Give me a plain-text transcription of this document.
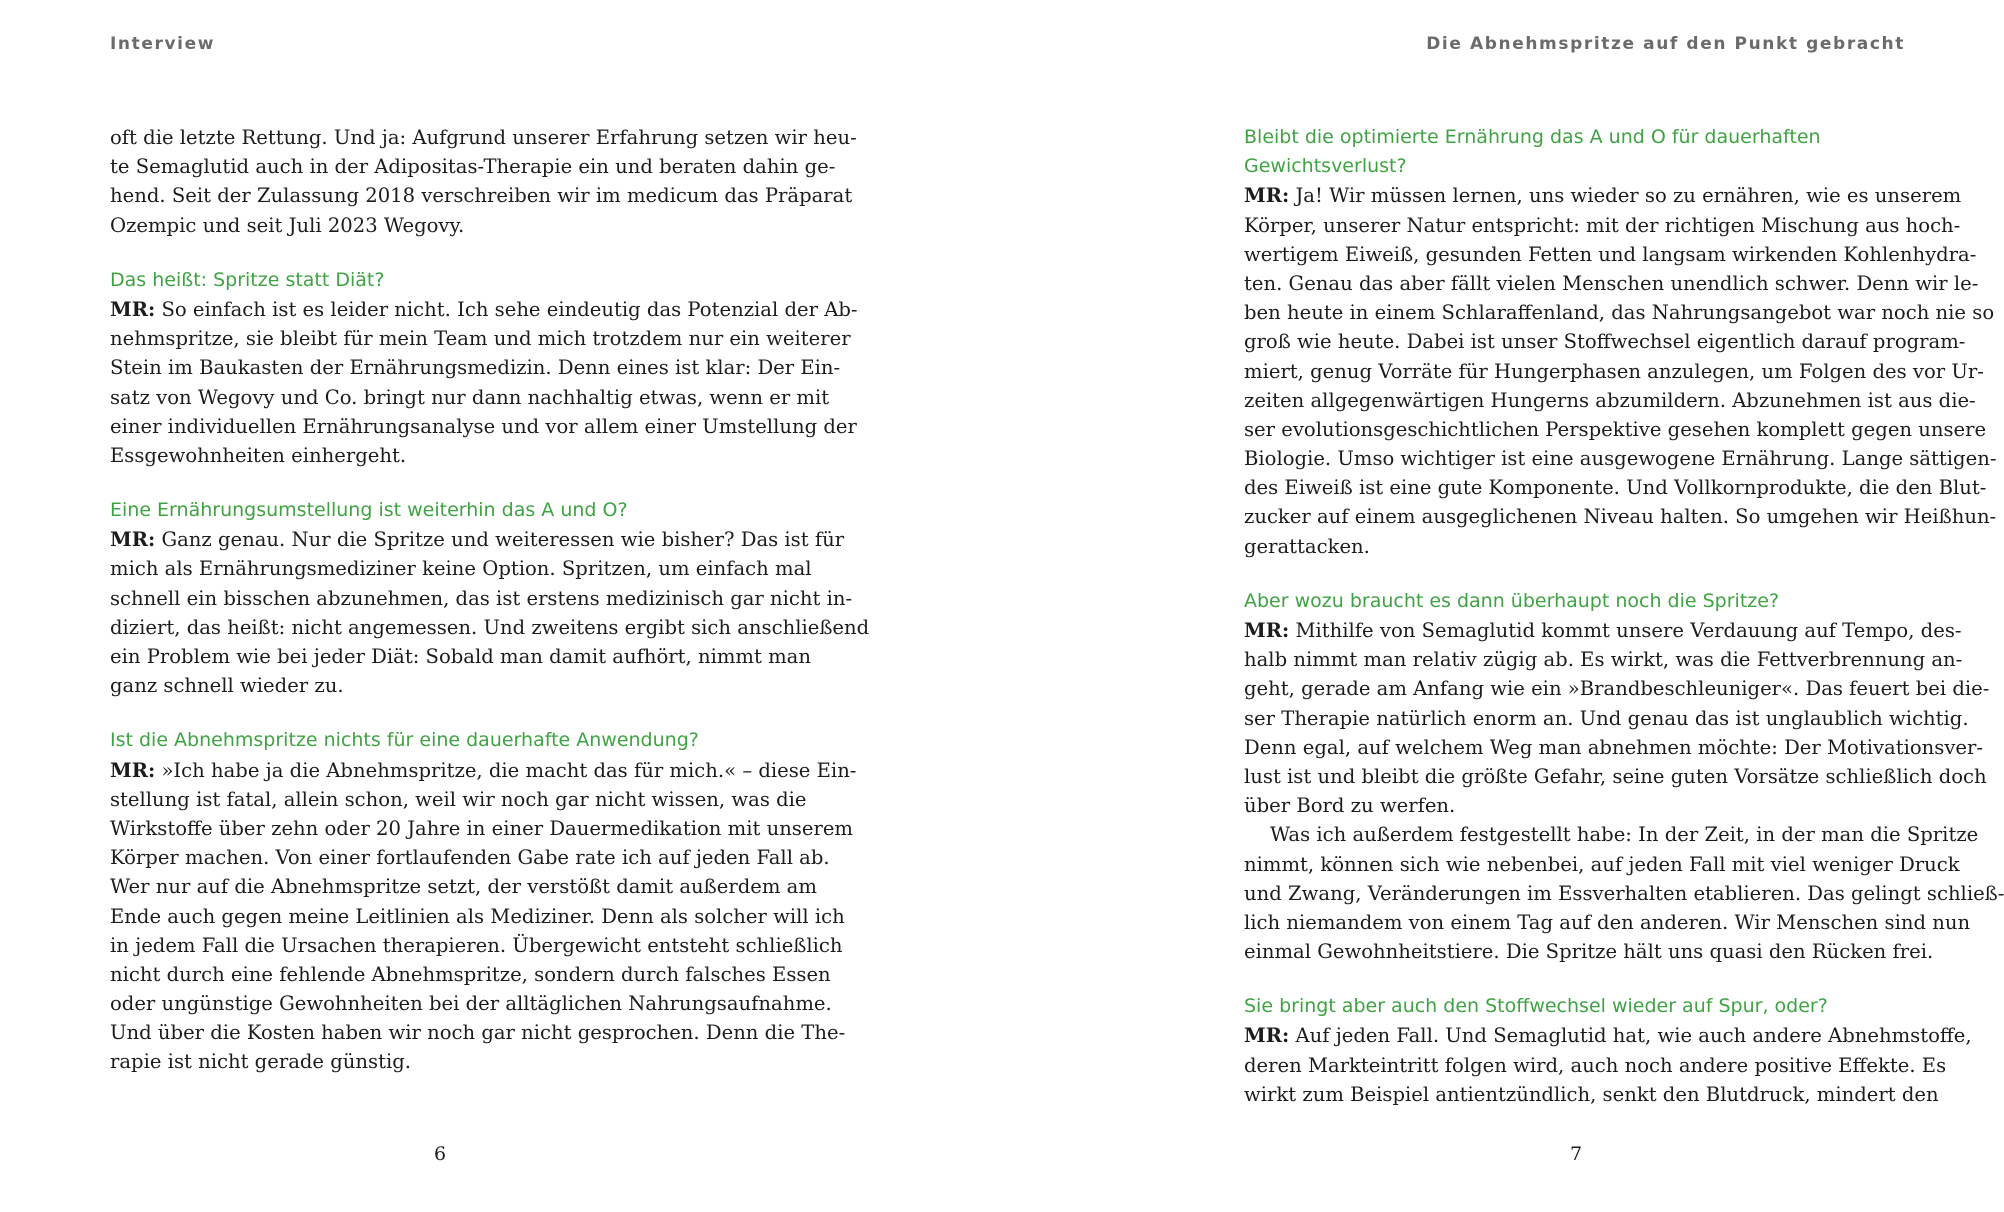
Interview
oft die letzte Rettung. Und ja: Aufgrund unserer Erfahrung setzen wir heu-
te Semaglutid auch in der Adipositas-Therapie ein und beraten dahin ge-
hend. Seit der Zulassung 2018 verschreiben wir im medicum das Präparat
Ozempic und seit Juli 2023 Wegovy.
Das heißt: Spritze statt Diät?
MR: So einfach ist es leider nicht. Ich sehe eindeutig das Potenzial der Ab-
nehmspritze, sie bleibt für mein Team und mich trotzdem nur ein weiterer
Stein im Baukasten der Ernährungsmedizin. Denn eines ist klar: Der Ein-
satz von Wegovy und Co. bringt nur dann nachhaltig etwas, wenn er mit
einer individuellen Ernährungsanalyse und vor allem einer Umstellung der
Essgewohnheiten einhergeht.
Eine Ernährungsumstellung ist weiterhin das A und O?
MR: Ganz genau. Nur die Spritze und weiteressen wie bisher? Das ist für
mich als Ernährungsmediziner keine Option. Spritzen, um einfach mal
schnell ein bisschen abzunehmen, das ist erstens medizinisch gar nicht in-
diziert, das heißt: nicht angemessen. Und zweitens ergibt sich anschließend
ein Problem wie bei jeder Diät: Sobald man damit aufhört, nimmt man
ganz schnell wieder zu.
Ist die Abnehmspritze nichts für eine dauerhafte Anwendung?
MR: »Ich habe ja die Abnehmspritze, die macht das für mich.« – diese Ein-
stellung ist fatal, allein schon, weil wir noch gar nicht wissen, was die
Wirkstoffe über zehn oder 20 Jahre in einer Dauermedikation mit unserem
Körper machen. Von einer fortlaufenden Gabe rate ich auf jeden Fall ab.
Wer nur auf die Abnehmspritze setzt, der verstößt damit außerdem am
Ende auch gegen meine Leitlinien als Mediziner. Denn als solcher will ich
in jedem Fall die Ursachen therapieren. Übergewicht entsteht schließlich
nicht durch eine fehlende Abnehmspritze, sondern durch falsches Essen
oder ungünstige Gewohnheiten bei der alltäglichen Nahrungsaufnahme.
Und über die Kosten haben wir noch gar nicht gesprochen. Denn die The-
rapie ist nicht gerade günstig.
6
Die Abnehmspritze auf den Punkt gebracht
Bleibt die optimierte Ernährung das A und O für dauerhaften
Gewichtsverlust?
MR: Ja! Wir müssen lernen, uns wieder so zu ernähren, wie es unserem
Körper, unserer Natur entspricht: mit der richtigen Mischung aus hoch-
wertigem Eiweiß, gesunden Fetten und langsam wirkenden Kohlenhydra-
ten. Genau das aber fällt vielen Menschen unendlich schwer. Denn wir le-
ben heute in einem Schlaraffenland, das Nahrungsangebot war noch nie so
groß wie heute. Dabei ist unser Stoffwechsel eigentlich darauf program-
miert, genug Vorräte für Hungerphasen anzulegen, um Folgen des vor Ur-
zeiten allgegenwärtigen Hungerns abzumildern. Abzunehmen ist aus die-
ser evolutionsgeschichtlichen Perspektive gesehen komplett gegen unsere
Biologie. Umso wichtiger ist eine ausgewogene Ernährung. Lange sättigen-
des Eiweiß ist eine gute Komponente. Und Vollkornprodukte, die den Blut-
zucker auf einem ausgeglichenen Niveau halten. So umgehen wir Heißhun-
gerattacken.
Aber wozu braucht es dann überhaupt noch die Spritze?
MR: Mithilfe von Semaglutid kommt unsere Verdauung auf Tempo, des-
halb nimmt man relativ zügig ab. Es wirkt, was die Fettverbrennung an-
geht, gerade am Anfang wie ein »Brandbeschleuniger«. Das feuert bei die-
ser Therapie natürlich enorm an. Und genau das ist unglaublich wichtig.
Denn egal, auf welchem Weg man abnehmen möchte: Der Motivationsver-
lust ist und bleibt die größte Gefahr, seine guten Vorsätze schließlich doch
über Bord zu werfen.
Was ich außerdem festgestellt habe: In der Zeit, in der man die Spritze
nimmt, können sich wie nebenbei, auf jeden Fall mit viel weniger Druck
und Zwang, Veränderungen im Essverhalten etablieren. Das gelingt schließ-
lich niemandem von einem Tag auf den anderen. Wir Menschen sind nun
einmal Gewohnheitstiere. Die Spritze hält uns quasi den Rücken frei.
Sie bringt aber auch den Stoffwechsel wieder auf Spur, oder?
MR: Auf jeden Fall. Und Semaglutid hat, wie auch andere Abnehmstoffe,
deren Markteintritt folgen wird, auch noch andere positive Effekte. Es
wirkt zum Beispiel antientzündlich, senkt den Blutdruck, mindert den
7
